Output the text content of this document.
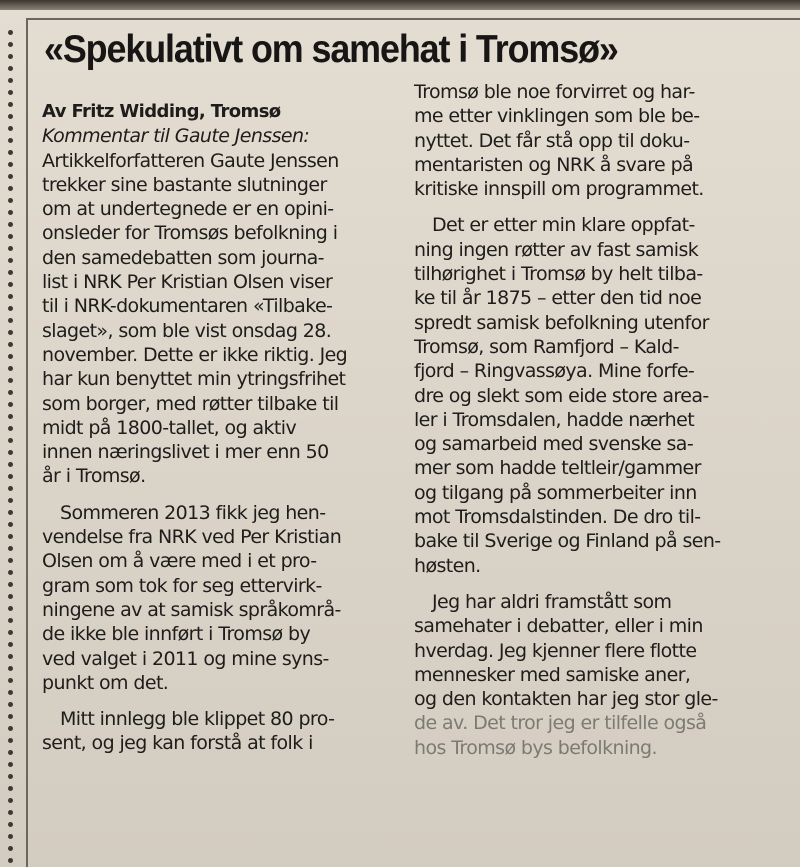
«Spekulativt om samehat i Tromsø»

Av Fritz Widding, Tromsø

Kommentar til Gaute Jenssen:

Artikkelforfatteren Gaute Jenssen

trekker sine bastante slutninger

om at undertegnede er en opini-

onsleder for Tromsøs befolkning i

den samedebatten som journa-

list i NRK Per Kristian Olsen viser

til i NRK-dokumentaren «Tilbake-

slaget», som ble vist onsdag 28.

november. Dette er ikke riktig. Jeg

har kun benyttet min ytringsfrihet

som borger, med røtter tilbake til

midt på 1800-tallet, og aktiv

innen næringslivet i mer enn 50

år i Tromsø.

Sommeren 2013 fikk jeg hen-

vendelse fra NRK ved Per Kristian

Olsen om å være med i et pro-

gram som tok for seg ettervirk-

ningene av at samisk språkområ-

de ikke ble innført i Tromsø by

ved valget i 2011 og mine syns-

punkt om det.

Mitt innlegg ble klippet 80 pro-

sent, og jeg kan forstå at folk i

Tromsø ble noe forvirret og har-

me etter vinklingen som ble be-

nyttet. Det får stå opp til doku-

mentaristen og NRK å svare på

kritiske innspill om programmet.

Det er etter min klare oppfat-

ning ingen røtter av fast samisk

tilhørighet i Tromsø by helt tilba-

ke til år 1875 – etter den tid noe

spredt samisk befolkning utenfor

Tromsø, som Ramfjord – Kald-

fjord – Ringvassøya. Mine forfe-

dre og slekt som eide store area-

ler i Tromsdalen, hadde nærhet

og samarbeid med svenske sa-

mer som hadde teltleir/gammer

og tilgang på sommerbeiter inn

mot Tromsdalstinden. De dro til-

bake til Sverige og Finland på sen-

høsten.

Jeg har aldri framstått som

samehater i debatter, eller i min

hverdag. Jeg kjenner flere flotte

mennesker med samiske aner,

og den kontakten har jeg stor gle-

de av. Det tror jeg er tilfelle også

hos Tromsø bys befolkning.
